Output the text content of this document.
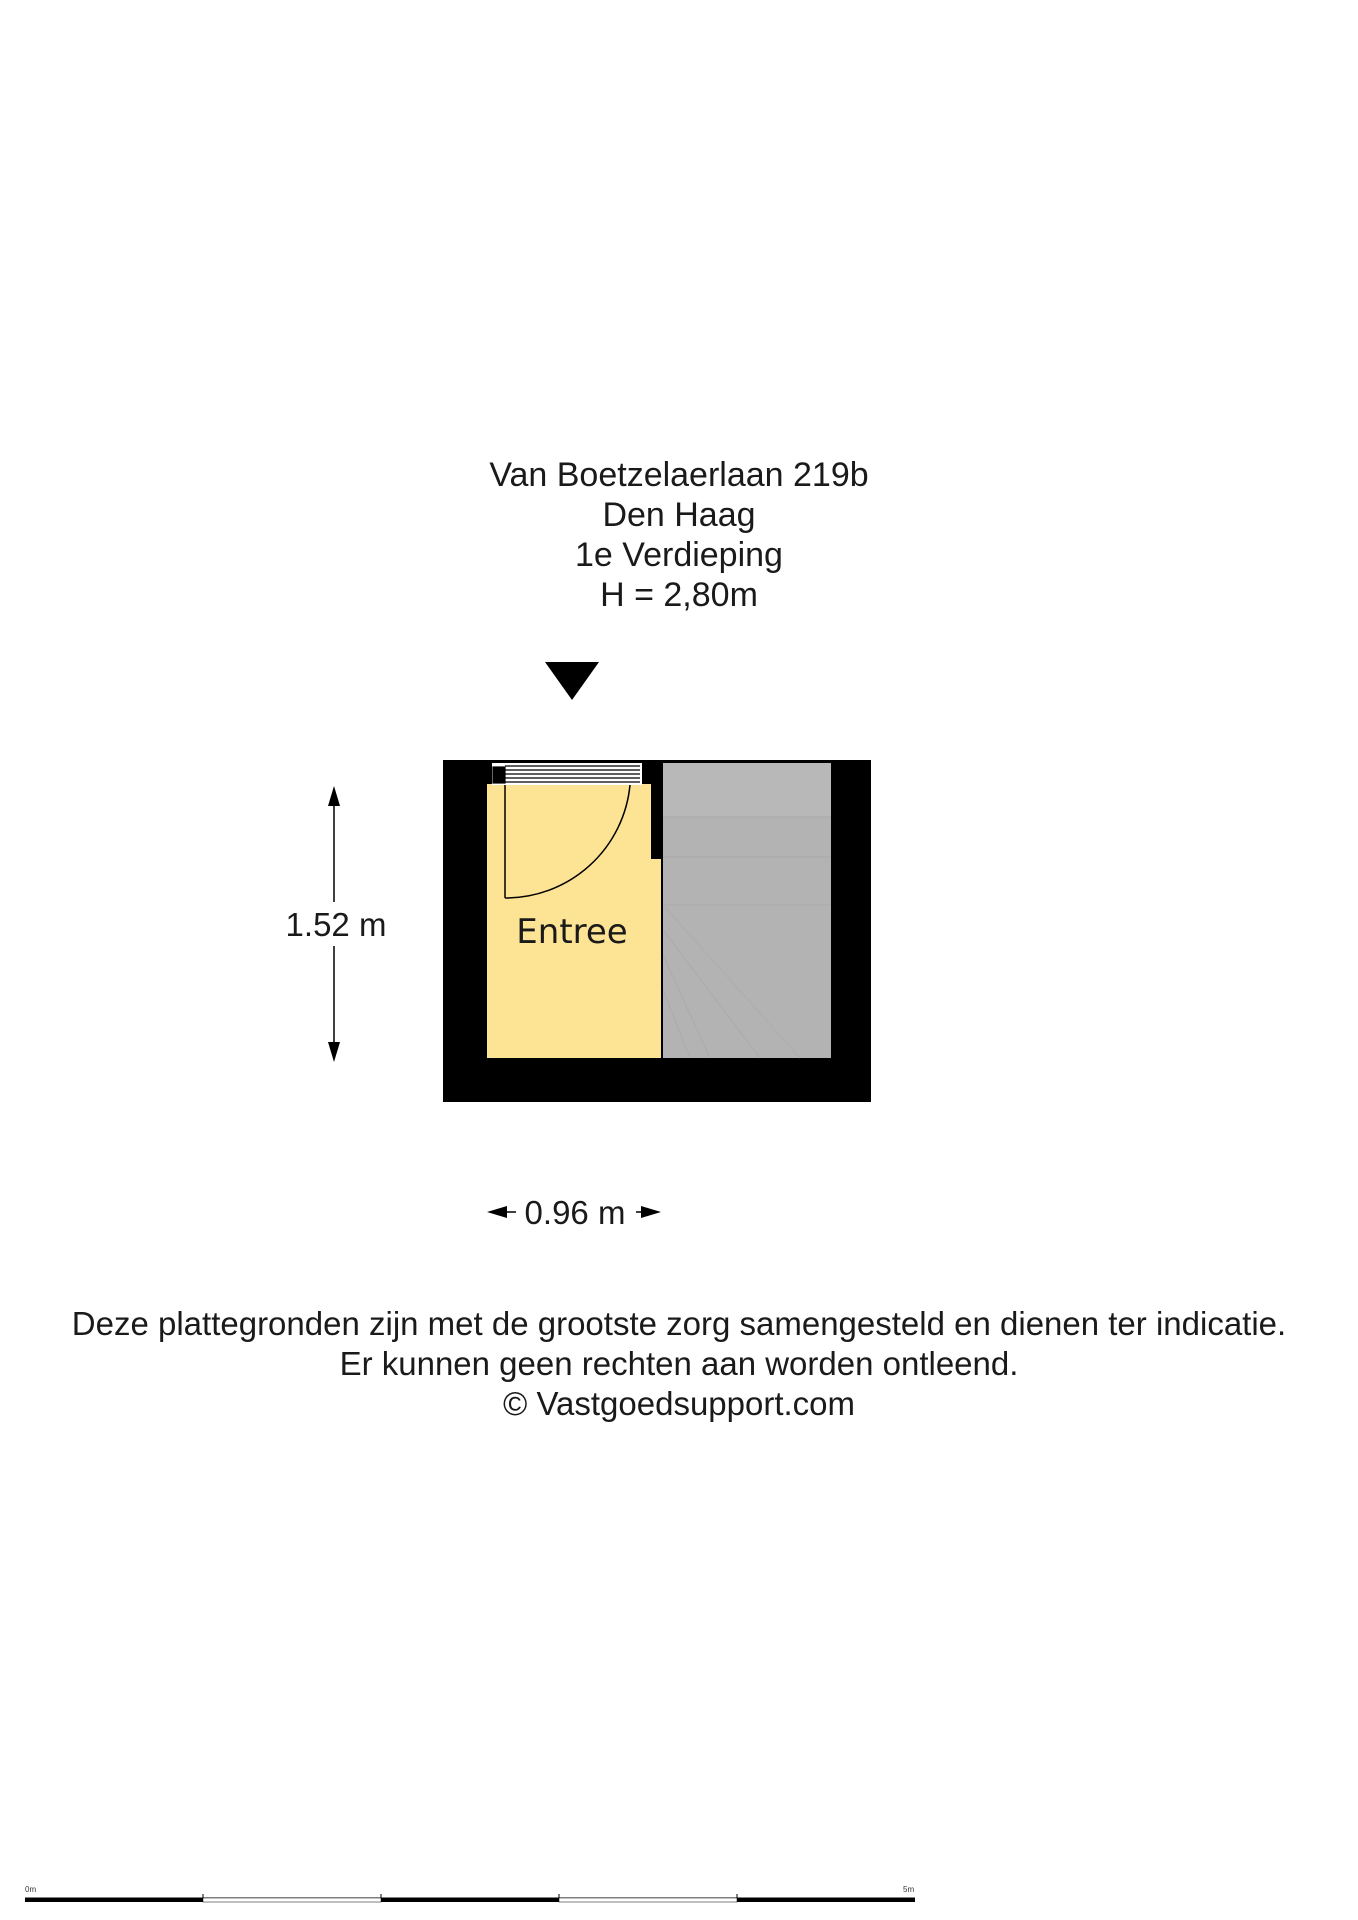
Van Boetzelaerlaan 219b
Den Haag
1e Verdieping
H = 2,80m
Entree
1.52 m
0.96 m
0m	5m
Deze plattegronden zijn met de grootste zorg samengesteld en dienen ter indicatie.
Er kunnen geen rechten aan worden ontleend.
© Vastgoedsupport.com
